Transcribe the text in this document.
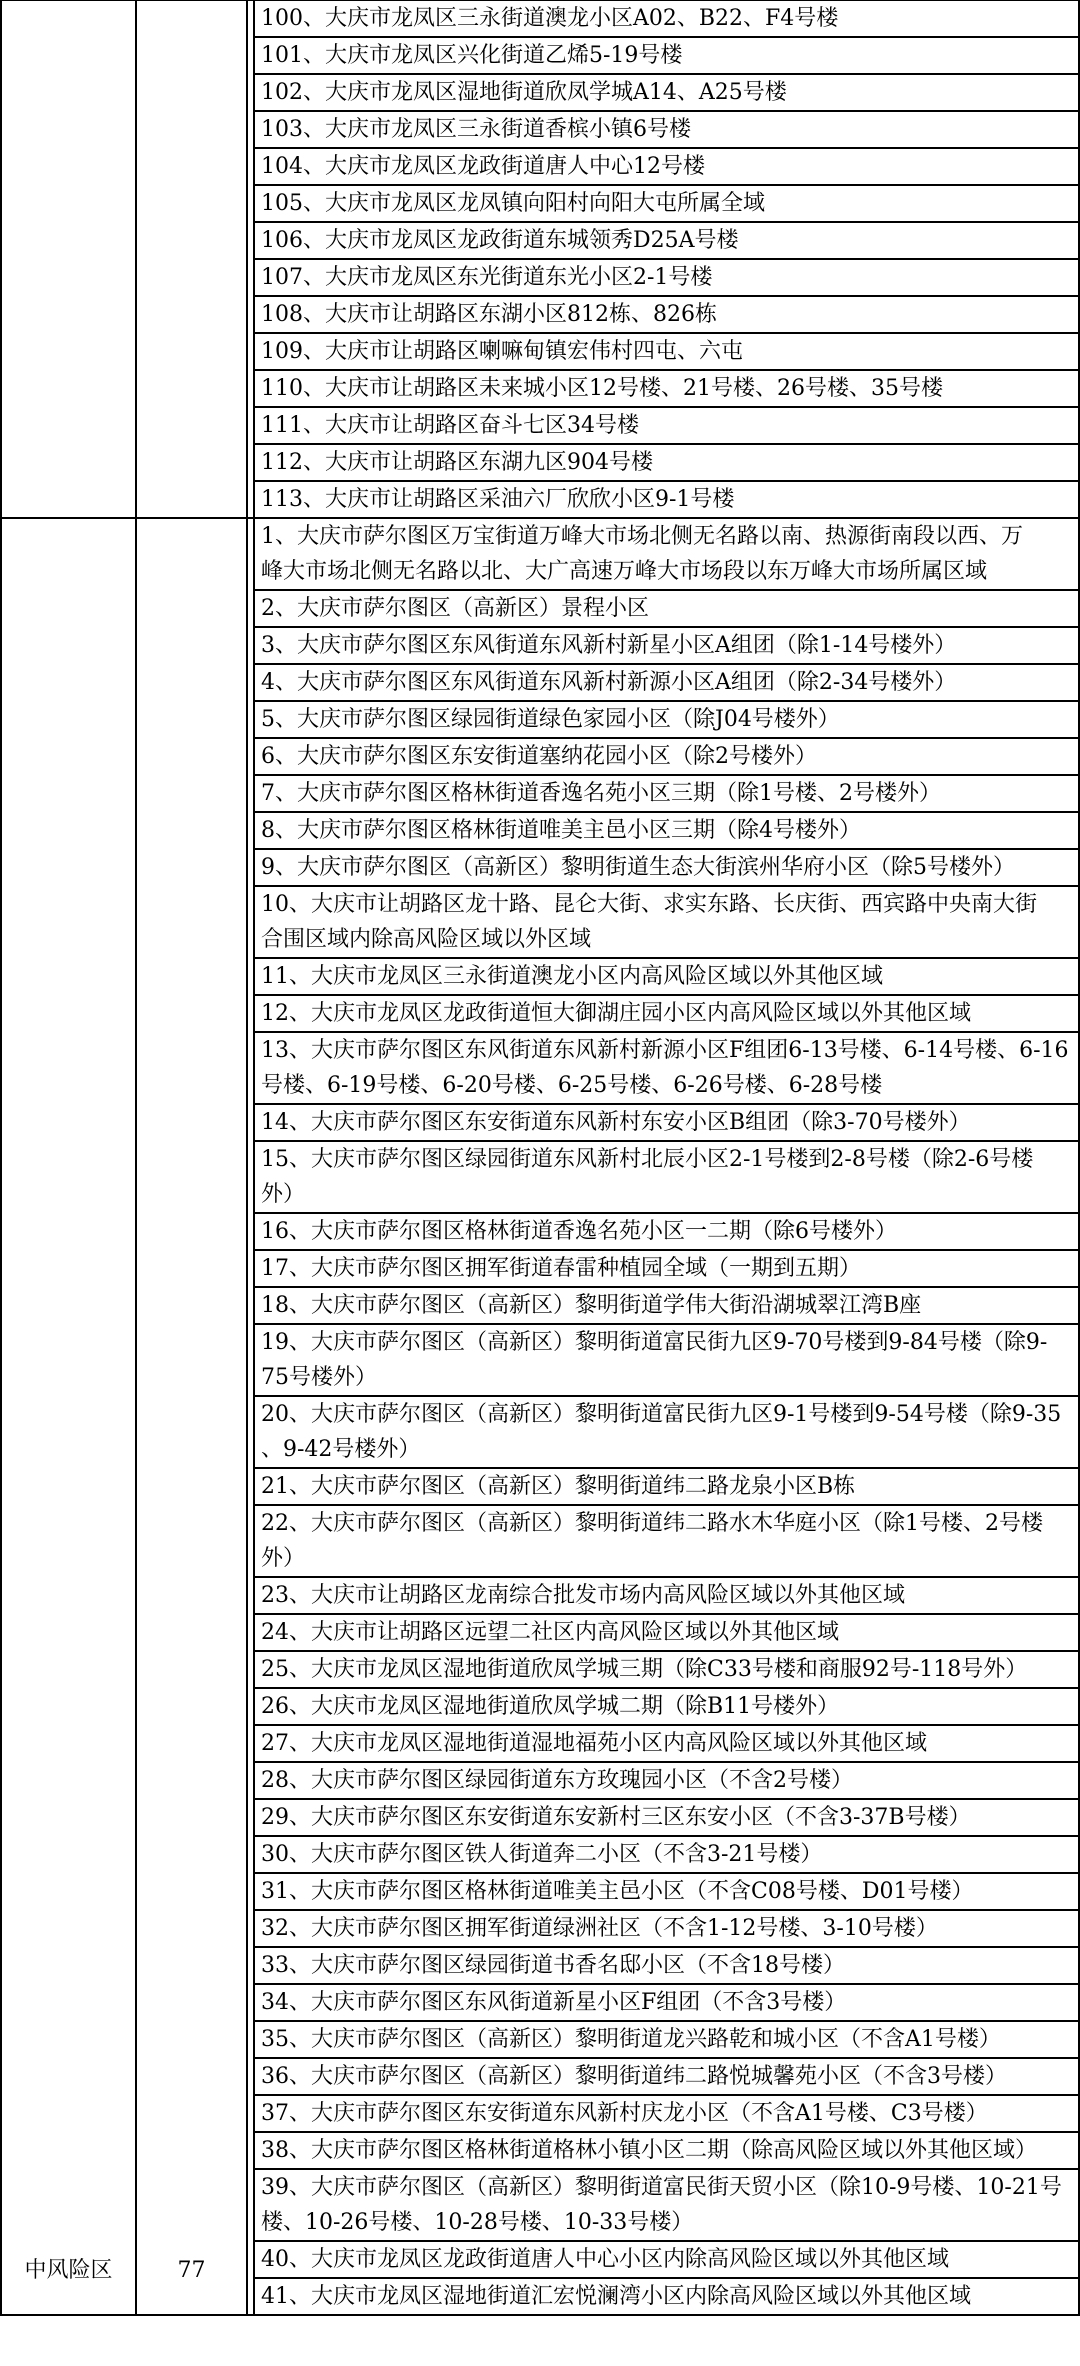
			100、大庆市龙凤区三永街道澳龙小区A02、B22、F4号楼

			101、大庆市龙凤区兴化街道乙烯5-19号楼

			102、大庆市龙凤区湿地街道欣凤学城A14、A25号楼

			103、大庆市龙凤区三永街道香槟小镇6号楼

			104、大庆市龙凤区龙政街道唐人中心12号楼

			105、大庆市龙凤区龙凤镇向阳村向阳大屯所属全域

			106、大庆市龙凤区龙政街道东城领秀D25A号楼

			107、大庆市龙凤区东光街道东光小区2-1号楼

			108、大庆市让胡路区东湖小区812栋、826栋

			109、大庆市让胡路区喇嘛甸镇宏伟村四屯、六屯

			110、大庆市让胡路区未来城小区12号楼、21号楼、26号楼、35号楼

			111、大庆市让胡路区奋斗七区34号楼

			112、大庆市让胡路区东湖九区904号楼

			113、大庆市让胡路区采油六厂欣欣小区9-1号楼

中风险区	77		1、大庆市萨尔图区万宝街道万峰大市场北侧无名路以南、热源街南段以西、万
峰大市场北侧无名路以北、大广高速万峰大市场段以东万峰大市场所属区域

			2、大庆市萨尔图区（高新区）景程小区

			3、大庆市萨尔图区东风街道东风新村新星小区A组团（除1-14号楼外）

			4、大庆市萨尔图区东风街道东风新村新源小区A组团（除2-34号楼外）

			5、大庆市萨尔图区绿园街道绿色家园小区（除J04号楼外）

			6、大庆市萨尔图区东安街道塞纳花园小区（除2号楼外）

			7、大庆市萨尔图区格林街道香逸名苑小区三期（除1号楼、2号楼外）

			8、大庆市萨尔图区格林街道唯美主邑小区三期（除4号楼外）

			9、大庆市萨尔图区（高新区）黎明街道生态大街滨州华府小区（除5号楼外）

			10、大庆市让胡路区龙十路、昆仑大街、求实东路、长庆街、西宾路中央南大街
合围区域内除高风险区域以外区域

			11、大庆市龙凤区三永街道澳龙小区内高风险区域以外其他区域

			12、大庆市龙凤区龙政街道恒大御湖庄园小区内高风险区域以外其他区域

			13、大庆市萨尔图区东风街道东风新村新源小区F组团6-13号楼、6-14号楼、6-16
号楼、6-19号楼、6-20号楼、6-25号楼、6-26号楼、6-28号楼

			14、大庆市萨尔图区东安街道东风新村东安小区B组团（除3-70号楼外）

			15、大庆市萨尔图区绿园街道东风新村北辰小区2-1号楼到2-8号楼（除2-6号楼
外）

			16、大庆市萨尔图区格林街道香逸名苑小区一二期（除6号楼外）

			17、大庆市萨尔图区拥军街道春雷种植园全域（一期到五期）

			18、大庆市萨尔图区（高新区）黎明街道学伟大街沿湖城翠江湾B座

			19、大庆市萨尔图区（高新区）黎明街道富民街九区9-70号楼到9-84号楼（除9-
75号楼外）

			20、大庆市萨尔图区（高新区）黎明街道富民街九区9-1号楼到9-54号楼（除9-35
、9-42号楼外）

			21、大庆市萨尔图区（高新区）黎明街道纬二路龙泉小区B栋

			22、大庆市萨尔图区（高新区）黎明街道纬二路水木华庭小区（除1号楼、2号楼
外）

			23、大庆市让胡路区龙南综合批发市场内高风险区域以外其他区域

			24、大庆市让胡路区远望二社区内高风险区域以外其他区域

			25、大庆市龙凤区湿地街道欣凤学城三期（除C33号楼和商服92号-118号外）

			26、大庆市龙凤区湿地街道欣凤学城二期（除B11号楼外）

			27、大庆市龙凤区湿地街道湿地福苑小区内高风险区域以外其他区域

			28、大庆市萨尔图区绿园街道东方玫瑰园小区（不含2号楼）

			29、大庆市萨尔图区东安街道东安新村三区东安小区（不含3-37B号楼）

			30、大庆市萨尔图区铁人街道奔二小区（不含3-21号楼）

			31、大庆市萨尔图区格林街道唯美主邑小区（不含C08号楼、D01号楼）

			32、大庆市萨尔图区拥军街道绿洲社区（不含1-12号楼、3-10号楼）

			33、大庆市萨尔图区绿园街道书香名邸小区（不含18号楼）

			34、大庆市萨尔图区东风街道新星小区F组团（不含3号楼）

			35、大庆市萨尔图区（高新区）黎明街道龙兴路乾和城小区（不含A1号楼）

			36、大庆市萨尔图区（高新区）黎明街道纬二路悦城馨苑小区（不含3号楼）

			37、大庆市萨尔图区东安街道东风新村庆龙小区（不含A1号楼、C3号楼）

			38、大庆市萨尔图区格林街道格林小镇小区二期（除高风险区域以外其他区域）

			39、大庆市萨尔图区（高新区）黎明街道富民街天贸小区（除10-9号楼、10-21号
楼、10-26号楼、10-28号楼、10-33号楼）

			40、大庆市龙凤区龙政街道唐人中心小区内除高风险区域以外其他区域

			41、大庆市龙凤区湿地街道汇宏悦澜湾小区内除高风险区域以外其他区域
